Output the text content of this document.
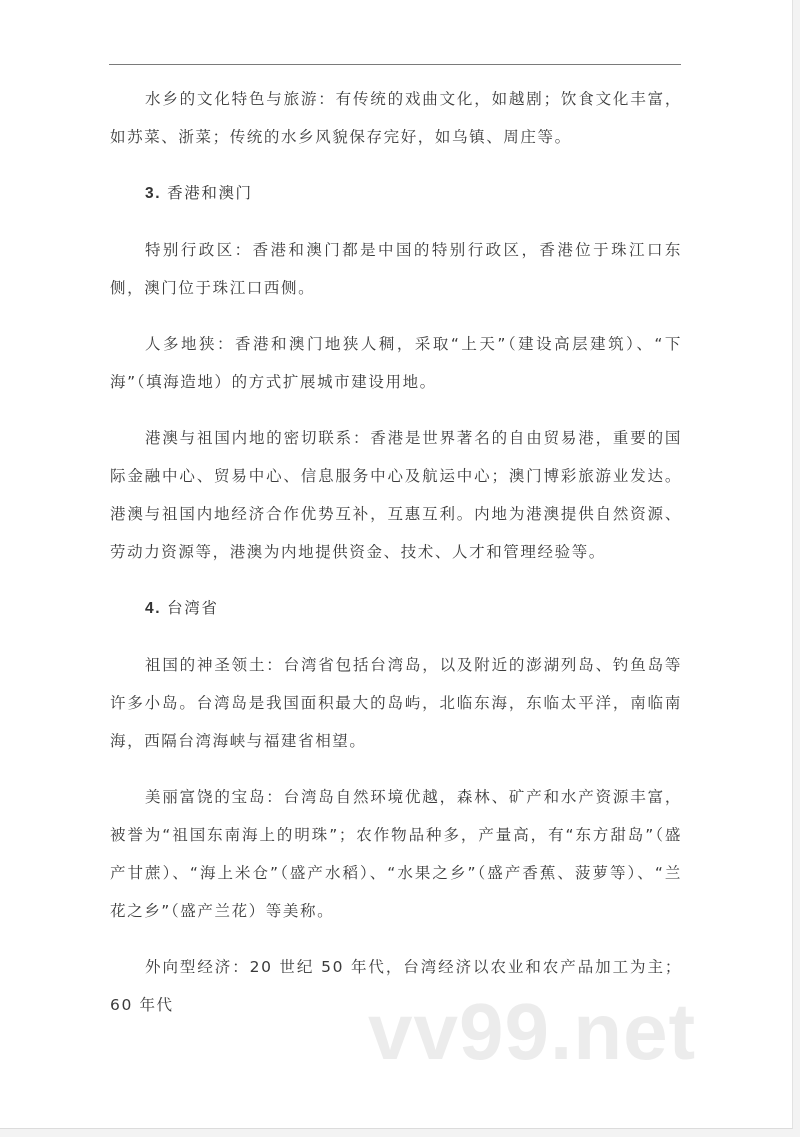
水乡的文化特色与旅游：有传统的戏曲文化，如越剧；饮食文化丰富，如苏菜、浙菜；传统的水乡风貌保存完好，如乌镇、周庄等。

3. 香港和澳门

特别行政区：香港和澳门都是中国的特别行政区，香港位于珠江口东侧，澳门位于珠江口西侧。

人多地狭：香港和澳门地狭人稠，采取“上天”（建设高层建筑）、“下海”（填海造地）的方式扩展城市建设用地。

港澳与祖国内地的密切联系：香港是世界著名的自由贸易港，重要的国际金融中心、贸易中心、信息服务中心及航运中心；澳门博彩旅游业发达。港澳与祖国内地经济合作优势互补，互惠互利。内地为港澳提供自然资源、劳动力资源等，港澳为内地提供资金、技术、人才和管理经验等。

4. 台湾省

祖国的神圣领土：台湾省包括台湾岛，以及附近的澎湖列岛、钓鱼岛等许多小岛。台湾岛是我国面积最大的岛屿，北临东海，东临太平洋，南临南海，西隔台湾海峡与福建省相望。

美丽富饶的宝岛：台湾岛自然环境优越，森林、矿产和水产资源丰富，被誉为“祖国东南海上的明珠”；农作物品种多，产量高，有“东方甜岛”（盛产甘蔗）、“海上米仓”（盛产水稻）、“水果之乡”（盛产香蕉、菠萝等）、“兰花之乡”（盛产兰花）等美称。

外向型经济：20 世纪 50 年代，台湾经济以农业和农产品加工为主；60 年代	vv99.net
